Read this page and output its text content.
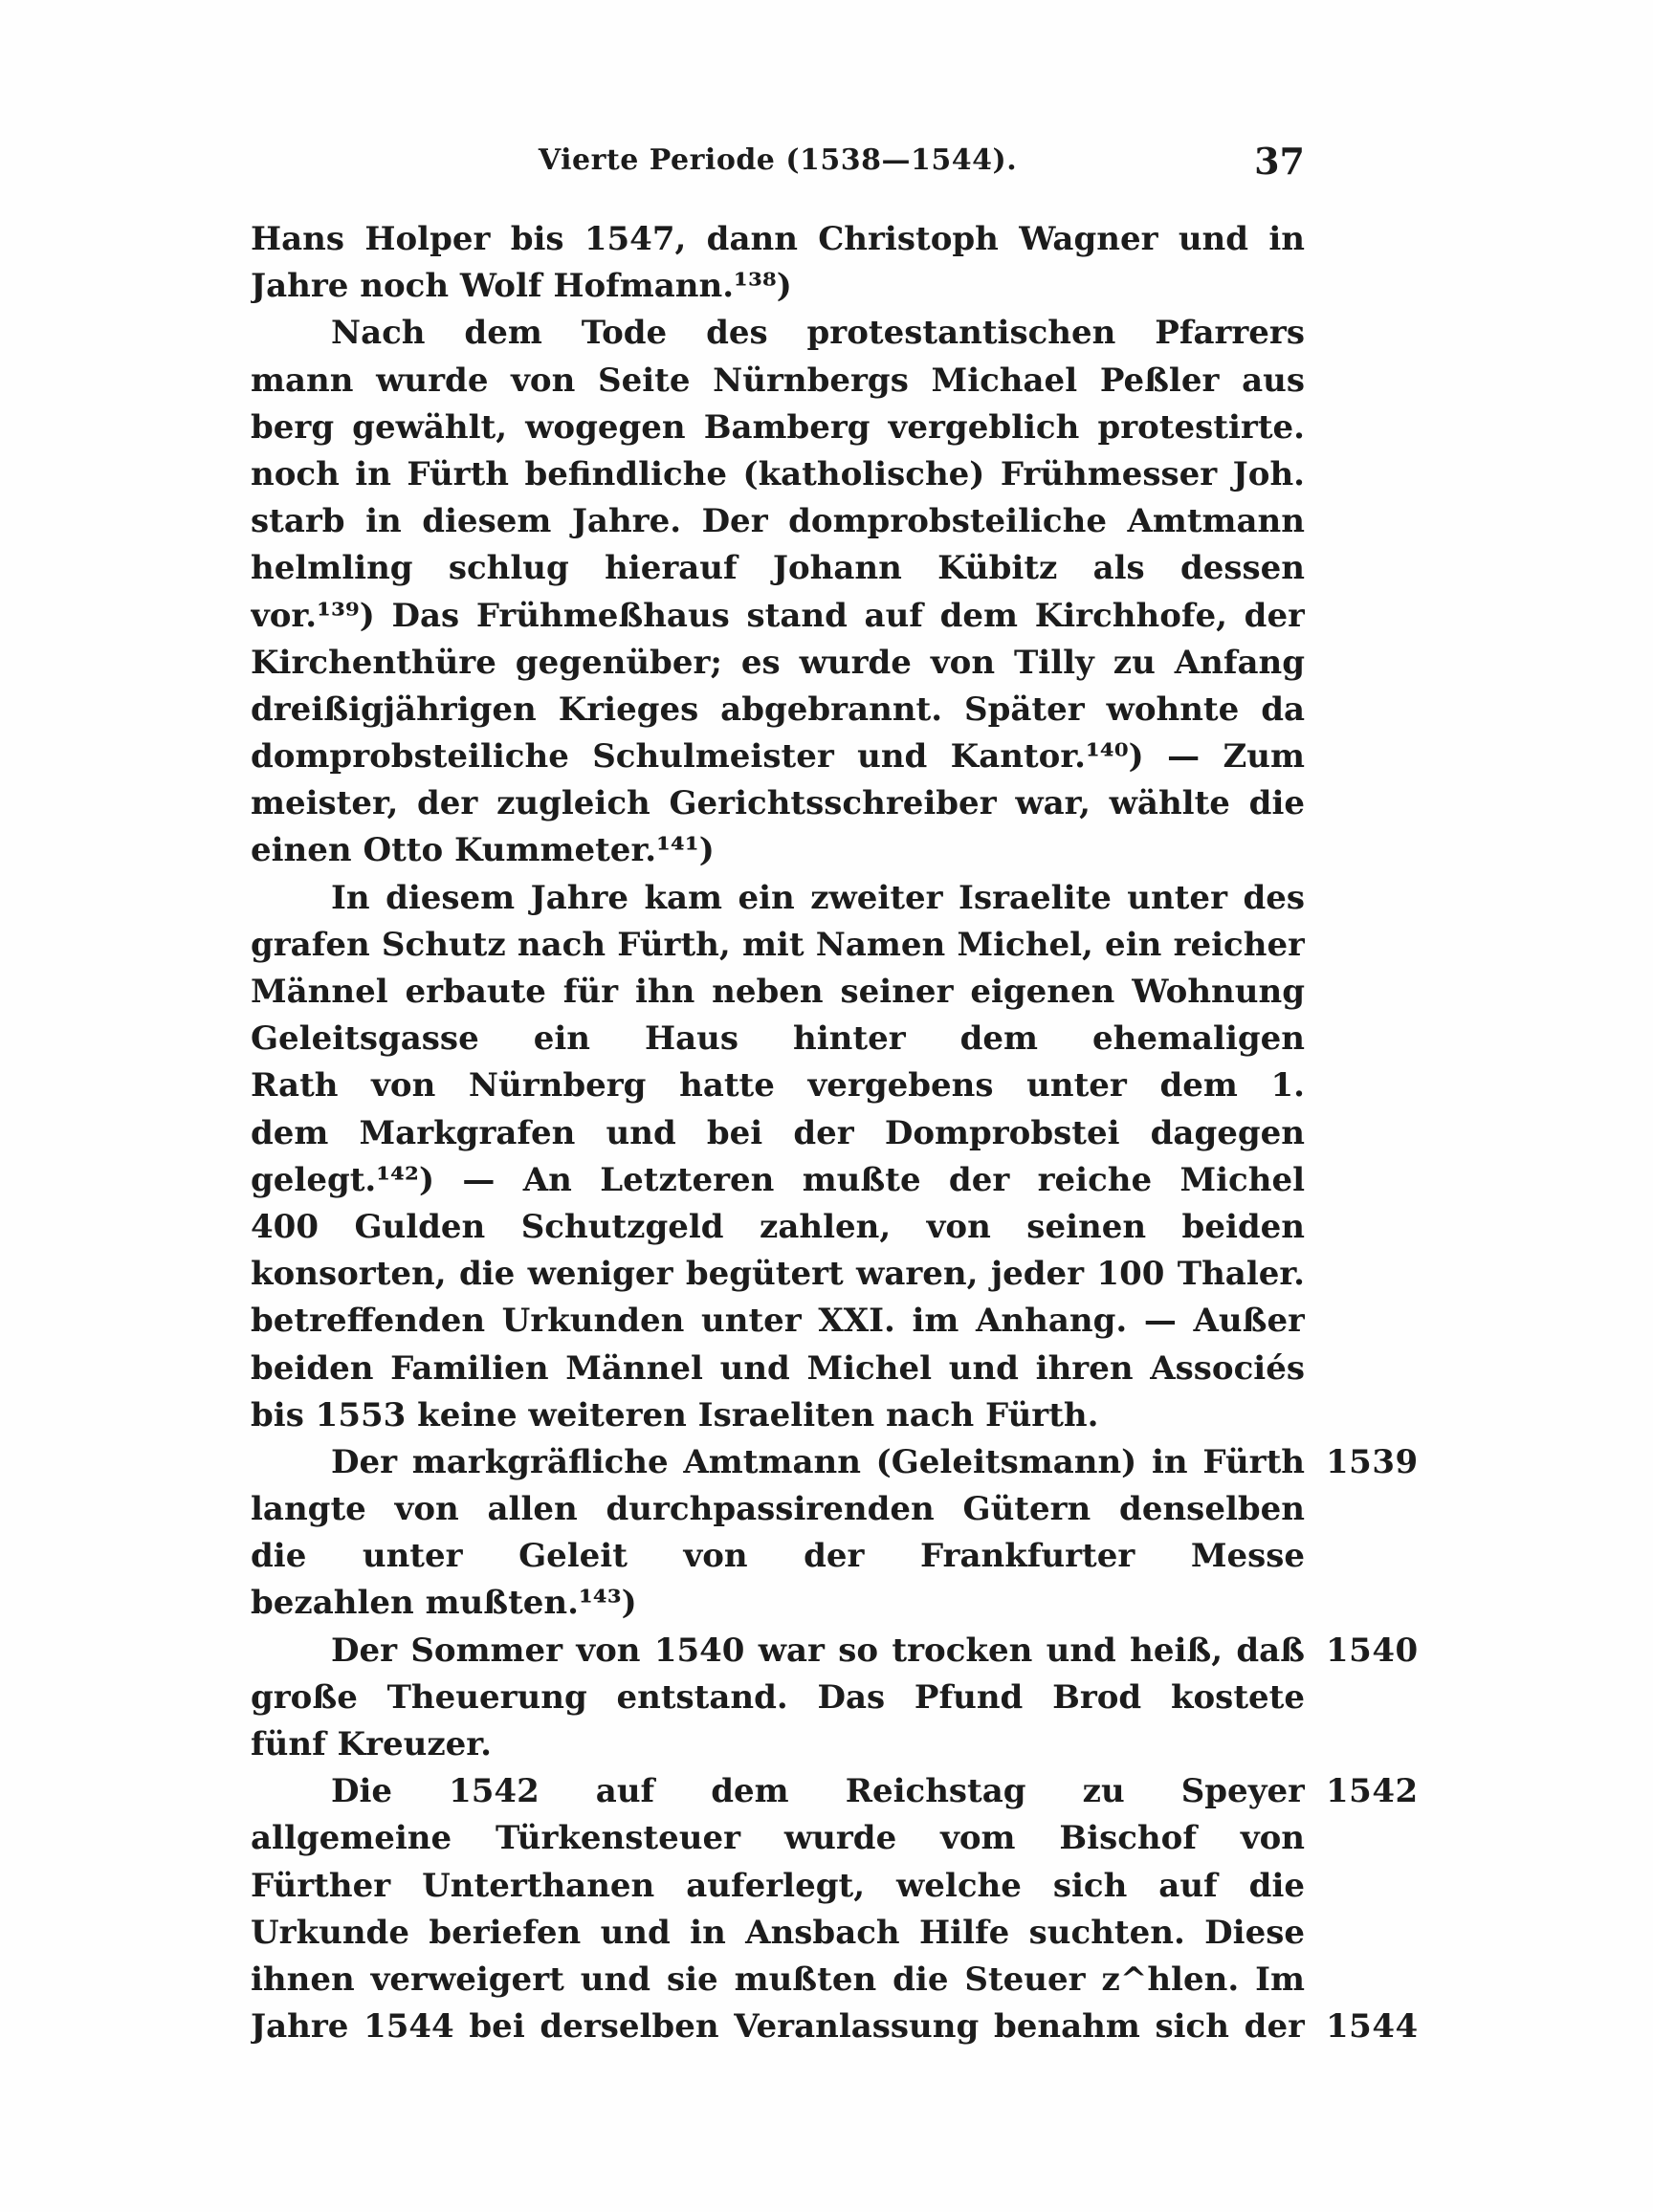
Vierte Periode (1538—1544).	37
Hans Holper bis 1547, dann Christoph Wagner und in
Jahre noch Wolf Hofmann.¹³⁸)
Nach dem Tode des protestantischen Pfarrers
mann wurde von Seite Nürnbergs Michael Peßler aus
berg gewählt, wogegen Bamberg vergeblich protestirte.
noch in Fürth befindliche (katholische) Frühmesser Joh.
starb in diesem Jahre. Der domprobsteiliche Amtmann
helmling schlug hierauf Johann Kübitz als dessen
vor.¹³⁹) Das Frühmeßhaus stand auf dem Kirchhofe, der
Kirchenthüre gegenüber; es wurde von Tilly zu Anfang
dreißigjährigen Krieges abgebrannt. Später wohnte da
domprobsteiliche Schulmeister und Kantor.¹⁴⁰) — Zum
meister, der zugleich Gerichtsschreiber war, wählte die
einen Otto Kummeter.¹⁴¹)
In diesem Jahre kam ein zweiter Israelite unter des
grafen Schutz nach Fürth, mit Namen Michel, ein reicher
Männel erbaute für ihn neben seiner eigenen Wohnung
Geleitsgasse ein Haus hinter dem ehemaligen
Rath von Nürnberg hatte vergebens unter dem 1.
dem Markgrafen und bei der Domprobstei dagegen
gelegt.¹⁴²) — An Letzteren mußte der reiche Michel
400 Gulden Schutzgeld zahlen, von seinen beiden
konsorten, die weniger begütert waren, jeder 100 Thaler.
betreffenden Urkunden unter XXI. im Anhang. — Außer
beiden Familien Männel und Michel und ihren Associés
bis 1553 keine weiteren Israeliten nach Fürth.
Der markgräfliche Amtmann (Geleitsmann) in Fürth 1539
langte von allen durchpassirenden Gütern denselben
die unter Geleit von der Frankfurter Messe
bezahlen mußten.¹⁴³)
Der Sommer von 1540 war so trocken und heiß, daß 1540
große Theuerung entstand. Das Pfund Brod kostete
fünf Kreuzer.
Die 1542 auf dem Reichstag zu Speyer 1542
allgemeine Türkensteuer wurde vom Bischof von
Fürther Unterthanen auferlegt, welche sich auf die
Urkunde beriefen und in Ansbach Hilfe suchten. Diese
ihnen verweigert und sie mußten die Steuer z^hlen. Im
Jahre 1544 bei derselben Veranlassung benahm sich der 1544
